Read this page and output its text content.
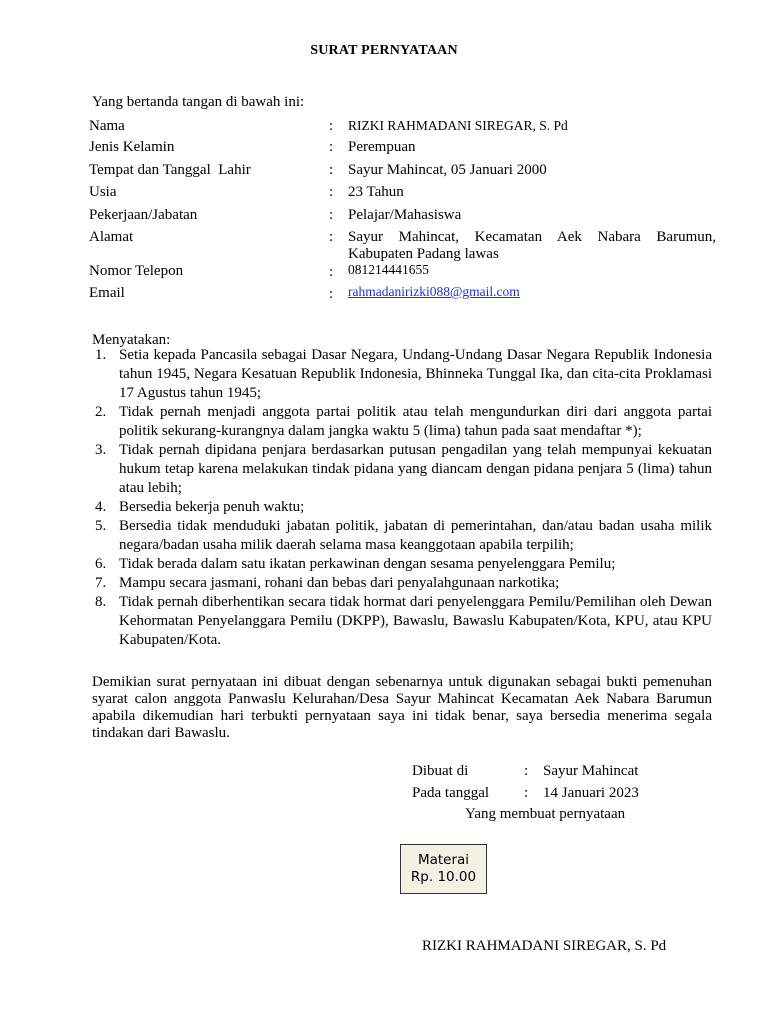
SURAT PERNYATAAN
Yang bertanda tangan di bawah ini:
Nama	: RIZKI RAHMADANI SIREGAR, S. Pd
Jenis Kelamin	: Perempuan
Tempat dan Tanggal  Lahir	: Sayur Mahincat, 05 Januari 2000
Usia	: 23 Tahun
Pekerjaan/Jabatan	: Pelajar/Mahasiswa
Alamat	: Sayur Mahincat, Kecamatan Aek Nabara Barumun,
Kabupaten Padang lawas
Nomor Telepon	: 081214441655
Email	: rahmadanirizki088@gmail.com
Menyatakan:
1. Setia kepada Pancasila sebagai Dasar Negara, Undang-Undang Dasar Negara Republik Indonesia tahun 1945, Negara Kesatuan Republik Indonesia, Bhinneka Tunggal Ika, dan cita-cita Proklamasi 17 Agustus tahun 1945;
2. Tidak pernah menjadi anggota partai politik atau telah mengundurkan diri dari anggota partai politik sekurang-kurangnya dalam jangka waktu 5 (lima) tahun pada saat mendaftar *);
3. Tidak pernah dipidana penjara berdasarkan putusan pengadilan yang telah mempunyai kekuatan hukum tetap karena melakukan tindak pidana yang diancam dengan pidana penjara 5 (lima) tahun atau lebih;
4. Bersedia bekerja penuh waktu;
5. Bersedia tidak menduduki jabatan politik, jabatan di pemerintahan, dan/atau badan usaha milik negara/badan usaha milik daerah selama masa keanggotaan apabila terpilih;
6. Tidak berada dalam satu ikatan perkawinan dengan sesama penyelenggara Pemilu;
7. Mampu secara jasmani, rohani dan bebas dari penyalahgunaan narkotika;
8. Tidak pernah diberhentikan secara tidak hormat dari penyelenggara Pemilu/Pemilihan oleh Dewan Kehormatan Penyelanggara Pemilu (DKPP), Bawaslu, Bawaslu Kabupaten/Kota, KPU, atau KPU Kabupaten/Kota.
Demikian surat pernyataan ini dibuat dengan sebenarnya untuk digunakan sebagai bukti pemenuhan syarat calon anggota Panwaslu Kelurahan/Desa Sayur Mahincat Kecamatan Aek Nabara Barumun apabila dikemudian hari terbukti pernyataan saya ini tidak benar, saya bersedia menerima segala tindakan dari Bawaslu.
Dibuat di	: Sayur Mahincat
Pada tanggal : 14 Januari 2023
Yang membuat pernyataan
Materai
Rp. 10.00
RIZKI RAHMADANI SIREGAR, S. Pd
